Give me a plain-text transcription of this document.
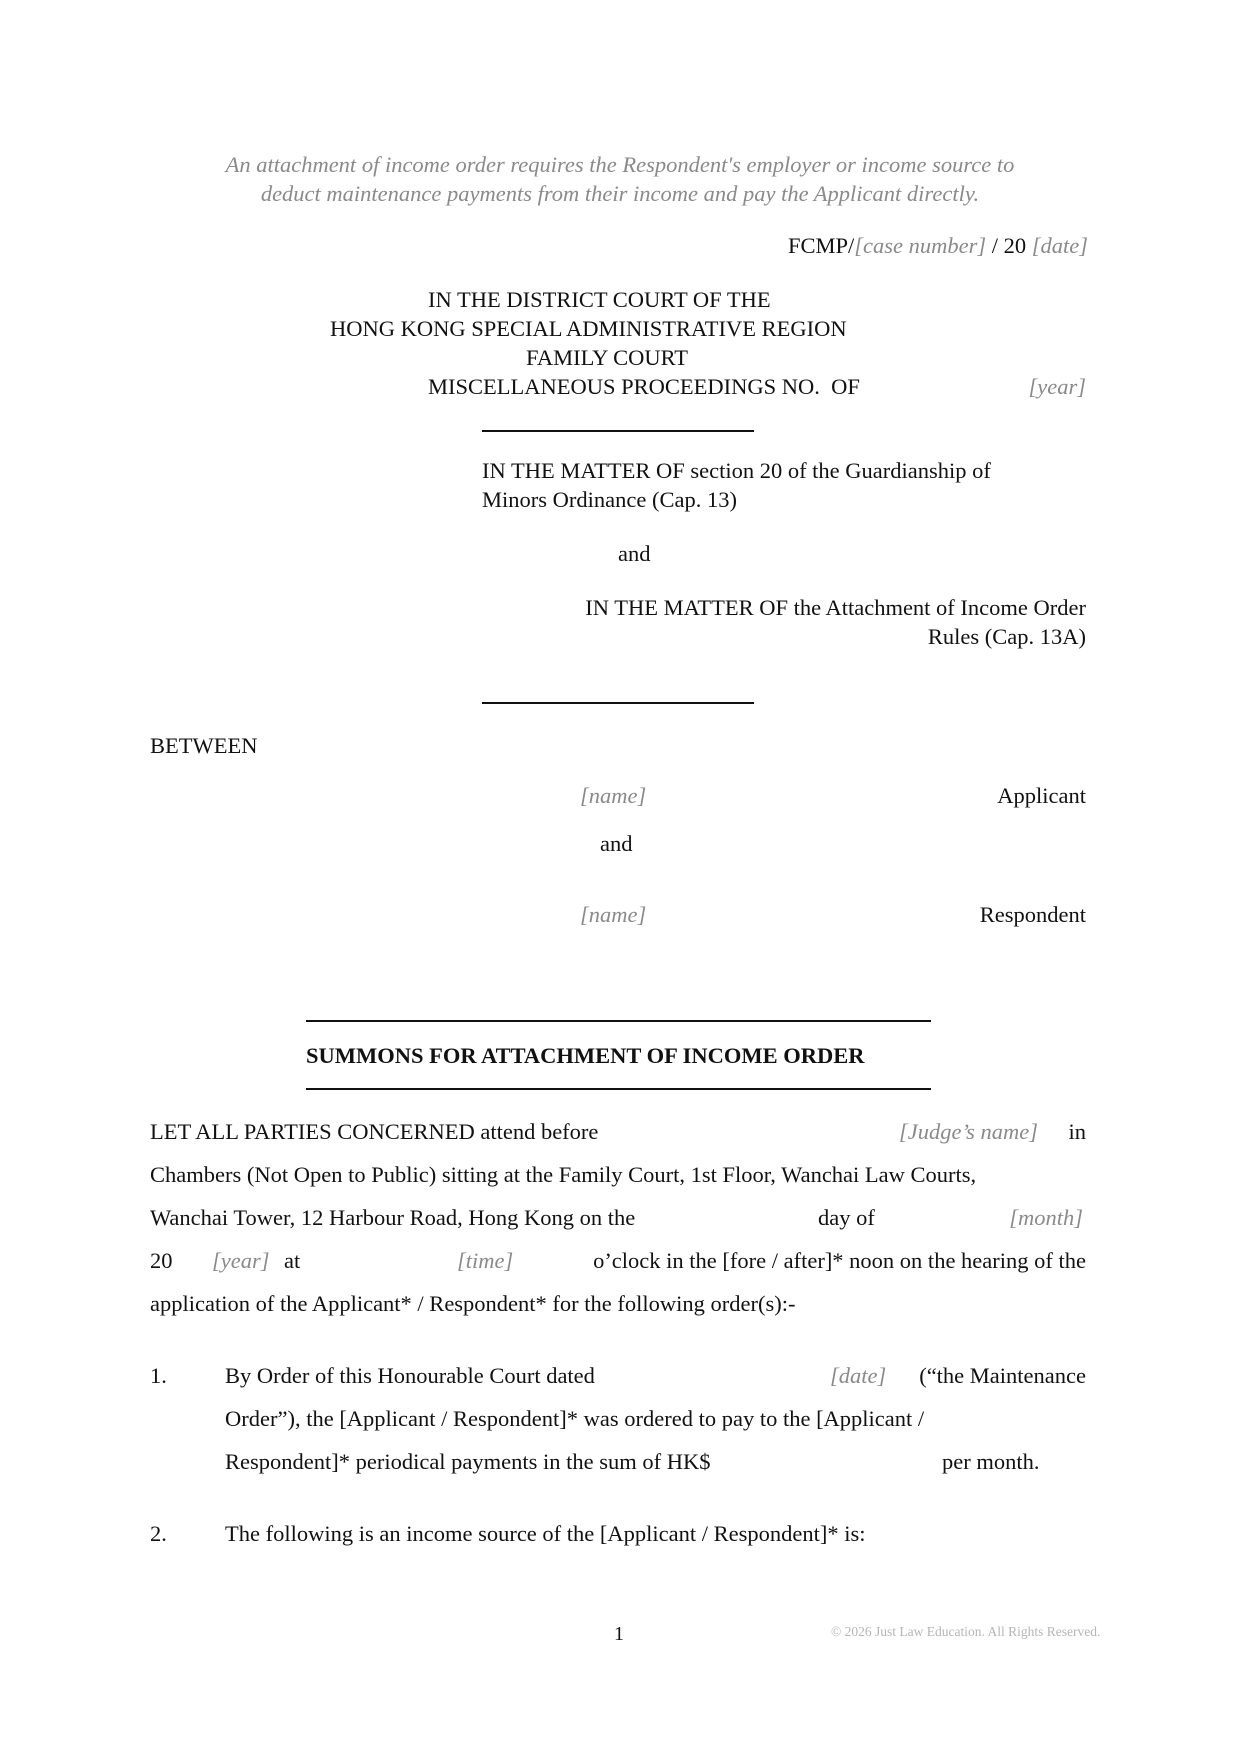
An attachment of income order requires the Respondent's employer or income source to
deduct maintenance payments from their income and pay the Applicant directly.
FCMP/[case number] / 20 [date]
IN THE DISTRICT COURT OF THE
HONG KONG SPECIAL ADMINISTRATIVE REGION
FAMILY COURT
MISCELLANEOUS PROCEEDINGS NO.  OF	[year]
IN THE MATTER OF section 20 of the Guardianship of
Minors Ordinance (Cap. 13)
and
IN THE MATTER OF the Attachment of Income Order
Rules (Cap. 13A)
BETWEEN
[name]	Applicant
and
[name]	Respondent
SUMMONS FOR ATTACHMENT OF INCOME ORDER
LET ALL PARTIES CONCERNED attend before	[Judge’s name] in
Chambers (Not Open to Public) sitting at the Family Court, 1st Floor, Wanchai Law Courts,
Wanchai Tower, 12 Harbour Road, Hong Kong on the	day of	[month]
20 [year] at	[time]	o’clock in the [fore / after]* noon on the hearing of the
application of the Applicant* / Respondent* for the following order(s):-
1.	By Order of this Honourable Court dated	[date] (“the Maintenance
Order”), the [Applicant / Respondent]* was ordered to pay to the [Applicant /
Respondent]* periodical payments in the sum of HK$	per month.
2.	The following is an income source of the [Applicant / Respondent]* is:
1	© 2026 Just Law Education. All Rights Reserved.
